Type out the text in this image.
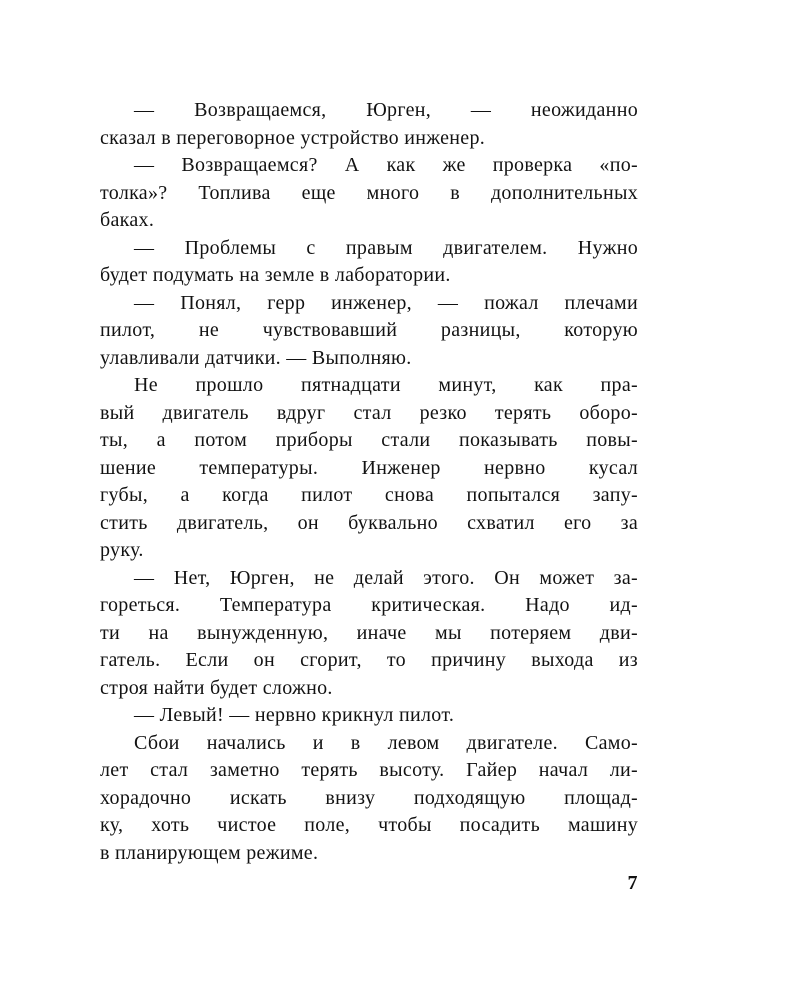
— Возвращаемся, Юрген, — неожиданно
сказал в переговорное устройство инженер.
— Возвращаемся? А как же проверка «по-
толка»? Топлива еще много в дополнительных
баках.
— Проблемы с правым двигателем. Нужно
будет подумать на земле в лаборатории.
— Понял, герр инженер, — пожал плечами
пилот, не чувствовавший разницы, которую
улавливали датчики. — Выполняю.
Не прошло пятнадцати минут, как пра-
вый двигатель вдруг стал резко терять оборо-
ты, а потом приборы стали показывать повы-
шение температуры. Инженер нервно кусал
губы, а когда пилот снова попытался запу-
стить двигатель, он буквально схватил его за
руку.
— Нет, Юрген, не делай этого. Он может за-
гореться. Температура критическая. Надо ид-
ти на вынужденную, иначе мы потеряем дви-
гатель. Если он сгорит, то причину выхода из
строя найти будет сложно.
— Левый! — нервно крикнул пилот.
Сбои начались и в левом двигателе. Само-
лет стал заметно терять высоту. Гайер начал ли-
хорадочно искать внизу подходящую площад-
ку, хоть чистое поле, чтобы посадить машину
в планирующем режиме.
7
